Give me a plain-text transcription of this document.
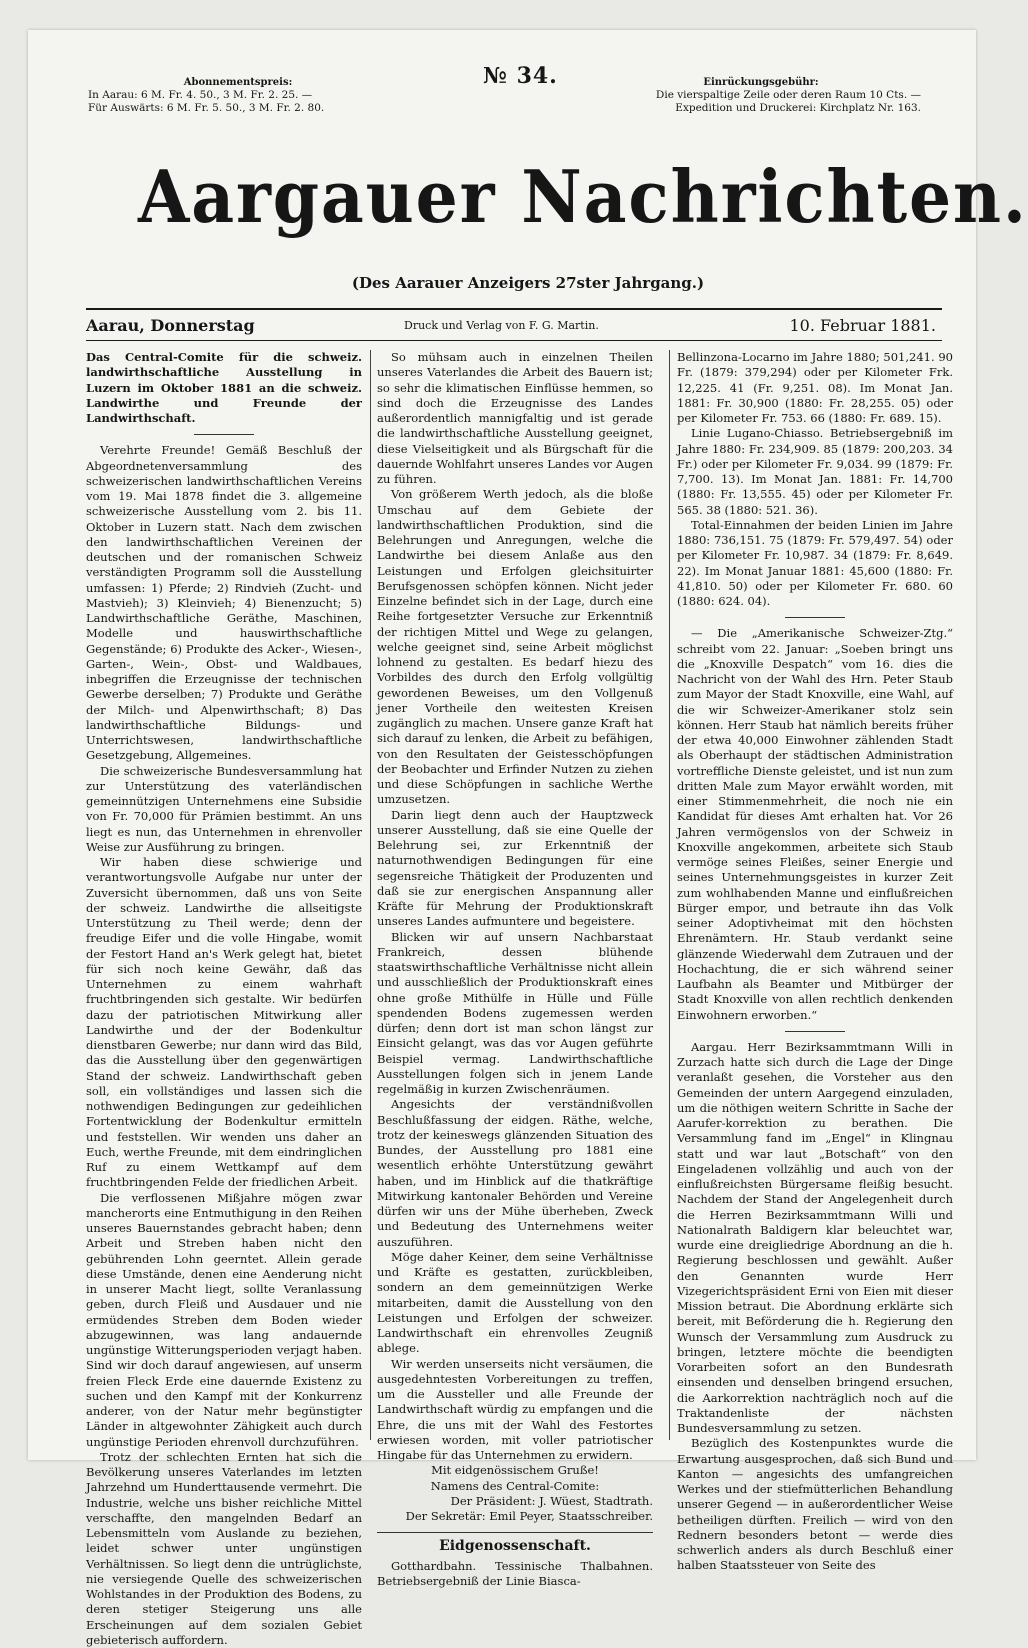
Abonnementspreis:
In Aarau: 6 M. Fr. 4. 50., 3 M. Fr. 2. 25. —
Für Auswärts: 6 M. Fr. 5. 50., 3 M. Fr. 2. 80.
№ 34.	Einrückungsgebühr:
Die vierspaltige Zeile oder deren Raum 10 Cts. —
Expedition und Druckerei: Kirchplatz Nr. 163.
Aargauer Nachrichten.
(Des Aarauer Anzeigers 27ster Jahrgang.)
Aarau, Donnerstag	Druck und Verlag von F. G. Martin.	10. Februar 1881.

Das Central-Comite für die schweiz. landwirthschaftliche Ausstellung in Luzern im Oktober 1881 an die schweiz. Landwirthe und Freunde der Landwirthschaft.

Verehrte Freunde! Gemäß Beschluß der Abgeordnetenversammlung des schweizerischen landwirthschaftlichen Vereins vom 19. Mai 1878 findet die 3. allgemeine schweizerische Ausstellung vom 2. bis 11. Oktober in Luzern statt. Nach dem zwischen den landwirthschaftlichen Vereinen der deutschen und der romanischen Schweiz verständigten Programm soll die Ausstellung umfassen: 1) Pferde; 2) Rindvieh (Zucht- und Mastvieh); 3) Kleinvieh; 4) Bienenzucht; 5) Landwirthschaftliche Geräthe, Maschinen, Modelle und hauswirthschaftliche Gegenstände; 6) Produkte des Acker-, Wiesen-, Garten-, Wein-, Obst- und Waldbaues, inbegriffen die Erzeugnisse der technischen Gewerbe derselben; 7) Produkte und Geräthe der Milch- und Alpenwirthschaft; 8) Das landwirthschaftliche Bildungs- und Unterrichtswesen, landwirthschaftliche Gesetzgebung, Allgemeines.

Die schweizerische Bundesversammlung hat zur Unterstützung des vaterländischen gemeinnützigen Unternehmens eine Subsidie von Fr. 70,000 für Prämien bestimmt. An uns liegt es nun, das Unternehmen in ehrenvoller Weise zur Ausführung zu bringen.

Wir haben diese schwierige und verantwortungsvolle Aufgabe nur unter der Zuversicht übernommen, daß uns von Seite der schweiz. Landwirthe die allseitigste Unterstützung zu Theil werde; denn der freudige Eifer und die volle Hingabe, womit der Festort Hand an's Werk gelegt hat, bietet für sich noch keine Gewähr, daß das Unternehmen zu einem wahrhaft fruchtbringenden sich gestalte. Wir bedürfen dazu der patriotischen Mitwirkung aller Landwirthe und der der Bodenkultur dienstbaren Gewerbe; nur dann wird das Bild, das die Ausstellung über den gegenwärtigen Stand der schweiz. Landwirthschaft geben soll, ein vollständiges und lassen sich die nothwendigen Bedingungen zur gedeihlichen Fortentwicklung der Bodenkultur ermitteln und feststellen. Wir wenden uns daher an Euch, werthe Freunde, mit dem eindringlichen Ruf zu einem Wettkampf auf dem fruchtbringenden Felde der friedlichen Arbeit.

Die verflossenen Mißjahre mögen zwar mancherorts eine Entmuthigung in den Reihen unseres Bauernstandes gebracht haben; denn Arbeit und Streben haben nicht den gebührenden Lohn geerntet. Allein gerade diese Umstände, denen eine Aenderung nicht in unserer Macht liegt, sollte Veranlassung geben, durch Fleiß und Ausdauer und nie ermüdendes Streben dem Boden wieder abzugewinnen, was lang andauernde ungünstige Witterungsperioden verjagt haben. Sind wir doch darauf angewiesen, auf unserm freien Fleck Erde eine dauernde Existenz zu suchen und den Kampf mit der Konkurrenz anderer, von der Natur mehr begünstigter Länder in altgewohnter Zähigkeit auch durch ungünstige Perioden ehrenvoll durchzuführen.

Trotz der schlechten Ernten hat sich die Bevölkerung unseres Vaterlandes im letzten Jahrzehnd um Hunderttausende vermehrt. Die Industrie, welche uns bisher reichliche Mittel verschaffte, den mangelnden Bedarf an Lebensmitteln vom Auslande zu beziehen, leidet schwer unter ungünstigen Verhältnissen. So liegt denn die untrüglichste, nie versiegende Quelle des schweizerischen Wohlstandes in der Produktion des Bodens, zu deren stetiger Steigerung uns alle Erscheinungen auf dem sozialen Gebiet gebieterisch auffordern.

So mühsam auch in einzelnen Theilen unseres Vaterlandes die Arbeit des Bauern ist; so sehr die klimatischen Einflüsse hemmen, so sind doch die Erzeugnisse des Landes außerordentlich mannigfaltig und ist gerade die landwirthschaftliche Ausstellung geeignet, diese Vielseitigkeit und als Bürgschaft für die dauernde Wohlfahrt unseres Landes vor Augen zu führen.

Von größerem Werth jedoch, als die bloße Umschau auf dem Gebiete der landwirthschaftlichen Produktion, sind die Belehrungen und Anregungen, welche die Landwirthe bei diesem Anlaße aus den Leistungen und Erfolgen gleichsituirter Berufsgenossen schöpfen können. Nicht jeder Einzelne befindet sich in der Lage, durch eine Reihe fortgesetzter Versuche zur Erkenntniß der richtigen Mittel und Wege zu gelangen, welche geeignet sind, seine Arbeit möglichst lohnend zu gestalten. Es bedarf hiezu des Vorbildes des durch den Erfolg vollgültig gewordenen Beweises, um den Vollgenuß jener Vortheile den weitesten Kreisen zugänglich zu machen. Unsere ganze Kraft hat sich darauf zu lenken, die Arbeit zu befähigen, von den Resultaten der Geistesschöpfungen der Beobachter und Erfinder Nutzen zu ziehen und diese Schöpfungen in sachliche Werthe umzusetzen.

Darin liegt denn auch der Hauptzweck unserer Ausstellung, daß sie eine Quelle der Belehrung sei, zur Erkenntniß der naturnothwendigen Bedingungen für eine segensreiche Thätigkeit der Produzenten und daß sie zur energischen Anspannung aller Kräfte für Mehrung der Produktionskraft unseres Landes aufmuntere und begeistere.

Blicken wir auf unsern Nachbarstaat Frankreich, dessen blühende staatswirthschaftliche Verhältnisse nicht allein und ausschließlich der Produktionskraft eines ohne große Mithülfe in Hülle und Fülle spendenden Bodens zugemessen werden dürfen; denn dort ist man schon längst zur Einsicht gelangt, was das vor Augen geführte Beispiel vermag. Landwirthschaftliche Ausstellungen folgen sich in jenem Lande regelmäßig in kurzen Zwischenräumen.

Angesichts der verständnißvollen Beschlußfassung der eidgen. Räthe, welche, trotz der keineswegs glänzenden Situation des Bundes, der Ausstellung pro 1881 eine wesentlich erhöhte Unterstützung gewährt haben, und im Hinblick auf die thatkräftige Mitwirkung kantonaler Behörden und Vereine dürfen wir uns der Mühe überheben, Zweck und Bedeutung des Unternehmens weiter auszuführen.

Möge daher Keiner, dem seine Verhältnisse und Kräfte es gestatten, zurückbleiben, sondern an dem gemeinnützigen Werke mitarbeiten, damit die Ausstellung von den Leistungen und Erfolgen der schweizer. Landwirthschaft ein ehrenvolles Zeugniß ablege.

Wir werden unserseits nicht versäumen, die ausgedehntesten Vorbereitungen zu treffen, um die Aussteller und alle Freunde der Landwirthschaft würdig zu empfangen und die Ehre, die uns mit der Wahl des Festortes erwiesen worden, mit voller patriotischer Hingabe für das Unternehmen zu erwidern.

Mit eidgenössischem Gruße!

Namens des Central-Comite:

Der Präsident: J. Wüest, Stadtrath.

Der Sekretär: Emil Peyer, Staatsschreiber.

Eidgenossenschaft.

Gotthardbahn. Tessinische Thalbahnen. Betriebsergebniß der Linie Biasca-

Bellinzona-Locarno im Jahre 1880; 501,241. 90 Fr. (1879: 379,294) oder per Kilometer Frk. 12,225. 41 (Fr. 9,251. 08). Im Monat Jan. 1881: Fr. 30,900 (1880: Fr. 28,255. 05) oder per Kilometer Fr. 753. 66 (1880: Fr. 689. 15).

Linie Lugano-Chiasso. Betriebsergebniß im Jahre 1880: Fr. 234,909. 85 (1879: 200,203. 34 Fr.) oder per Kilometer Fr. 9,034. 99 (1879: Fr. 7,700. 13). Im Monat Jan. 1881: Fr. 14,700 (1880: Fr. 13,555. 45) oder per Kilometer Fr. 565. 38 (1880: 521. 36).

Total-Einnahmen der beiden Linien im Jahre 1880: 736,151. 75 (1879: Fr. 579,497. 54) oder per Kilometer Fr. 10,987. 34 (1879: Fr. 8,649. 22). Im Monat Januar 1881: 45,600 (1880: Fr. 41,810. 50) oder per Kilometer Fr. 680. 60 (1880: 624. 04).

— Die „Amerikanische Schweizer-Ztg.“ schreibt vom 22. Januar: „Soeben bringt uns die „Knoxville Despatch“ vom 16. dies die Nachricht von der Wahl des Hrn. Peter Staub zum Mayor der Stadt Knoxville, eine Wahl, auf die wir Schweizer-Amerikaner stolz sein können. Herr Staub hat nämlich bereits früher der etwa 40,000 Einwohner zählenden Stadt als Oberhaupt der städtischen Administration vortreffliche Dienste geleistet, und ist nun zum dritten Male zum Mayor erwählt worden, mit einer Stimmenmehrheit, die noch nie ein Kandidat für dieses Amt erhalten hat. Vor 26 Jahren vermögenslos von der Schweiz in Knoxville angekommen, arbeitete sich Staub vermöge seines Fleißes, seiner Energie und seines Unternehmungsgeistes in kurzer Zeit zum wohlhabenden Manne und einflußreichen Bürger empor, und betraute ihn das Volk seiner Adoptivheimat mit den höchsten Ehrenämtern. Hr. Staub verdankt seine glänzende Wiederwahl dem Zutrauen und der Hochachtung, die er sich während seiner Laufbahn als Beamter und Mitbürger der Stadt Knoxville von allen rechtlich denkenden Einwohnern erworben.“

Aargau. Herr Bezirksammtmann Willi in Zurzach hatte sich durch die Lage der Dinge veranlaßt gesehen, die Vorsteher aus den Gemeinden der untern Aargegend einzuladen, um die nöthigen weitern Schritte in Sache der Aarufer-korrektion zu berathen. Die Versammlung fand im „Engel“ in Klingnau statt und war laut „Botschaft“ von den Eingeladenen vollzählig und auch von der einflußreichsten Bürgersame fleißig besucht. Nachdem der Stand der Angelegenheit durch die Herren Bezirksammtmann Willi und Nationalrath Baldigern klar beleuchtet war, wurde eine dreigliedrige Abordnung an die h. Regierung beschlossen und gewählt. Außer den Genannten wurde Herr Vizegerichtspräsident Erni von Eien mit dieser Mission betraut. Die Abordnung erklärte sich bereit, mit Beförderung die h. Regierung den Wunsch der Versammlung zum Ausdruck zu bringen, letztere möchte die beendigten Vorarbeiten sofort an den Bundesrath einsenden und denselben bringend ersuchen, die Aarkorrektion nachträglich noch auf die Traktandenliste der nächsten Bundesversammlung zu setzen.

Bezüglich des Kostenpunktes wurde die Erwartung ausgesprochen, daß sich Bund und Kanton — angesichts des umfangreichen Werkes und der stiefmütterlichen Behandlung unserer Gegend — in außerordentlicher Weise betheiligen dürften. Freilich — wird von den Rednern besonders betont — werde dies schwerlich anders als durch Beschluß einer halben Staatssteuer von Seite des
